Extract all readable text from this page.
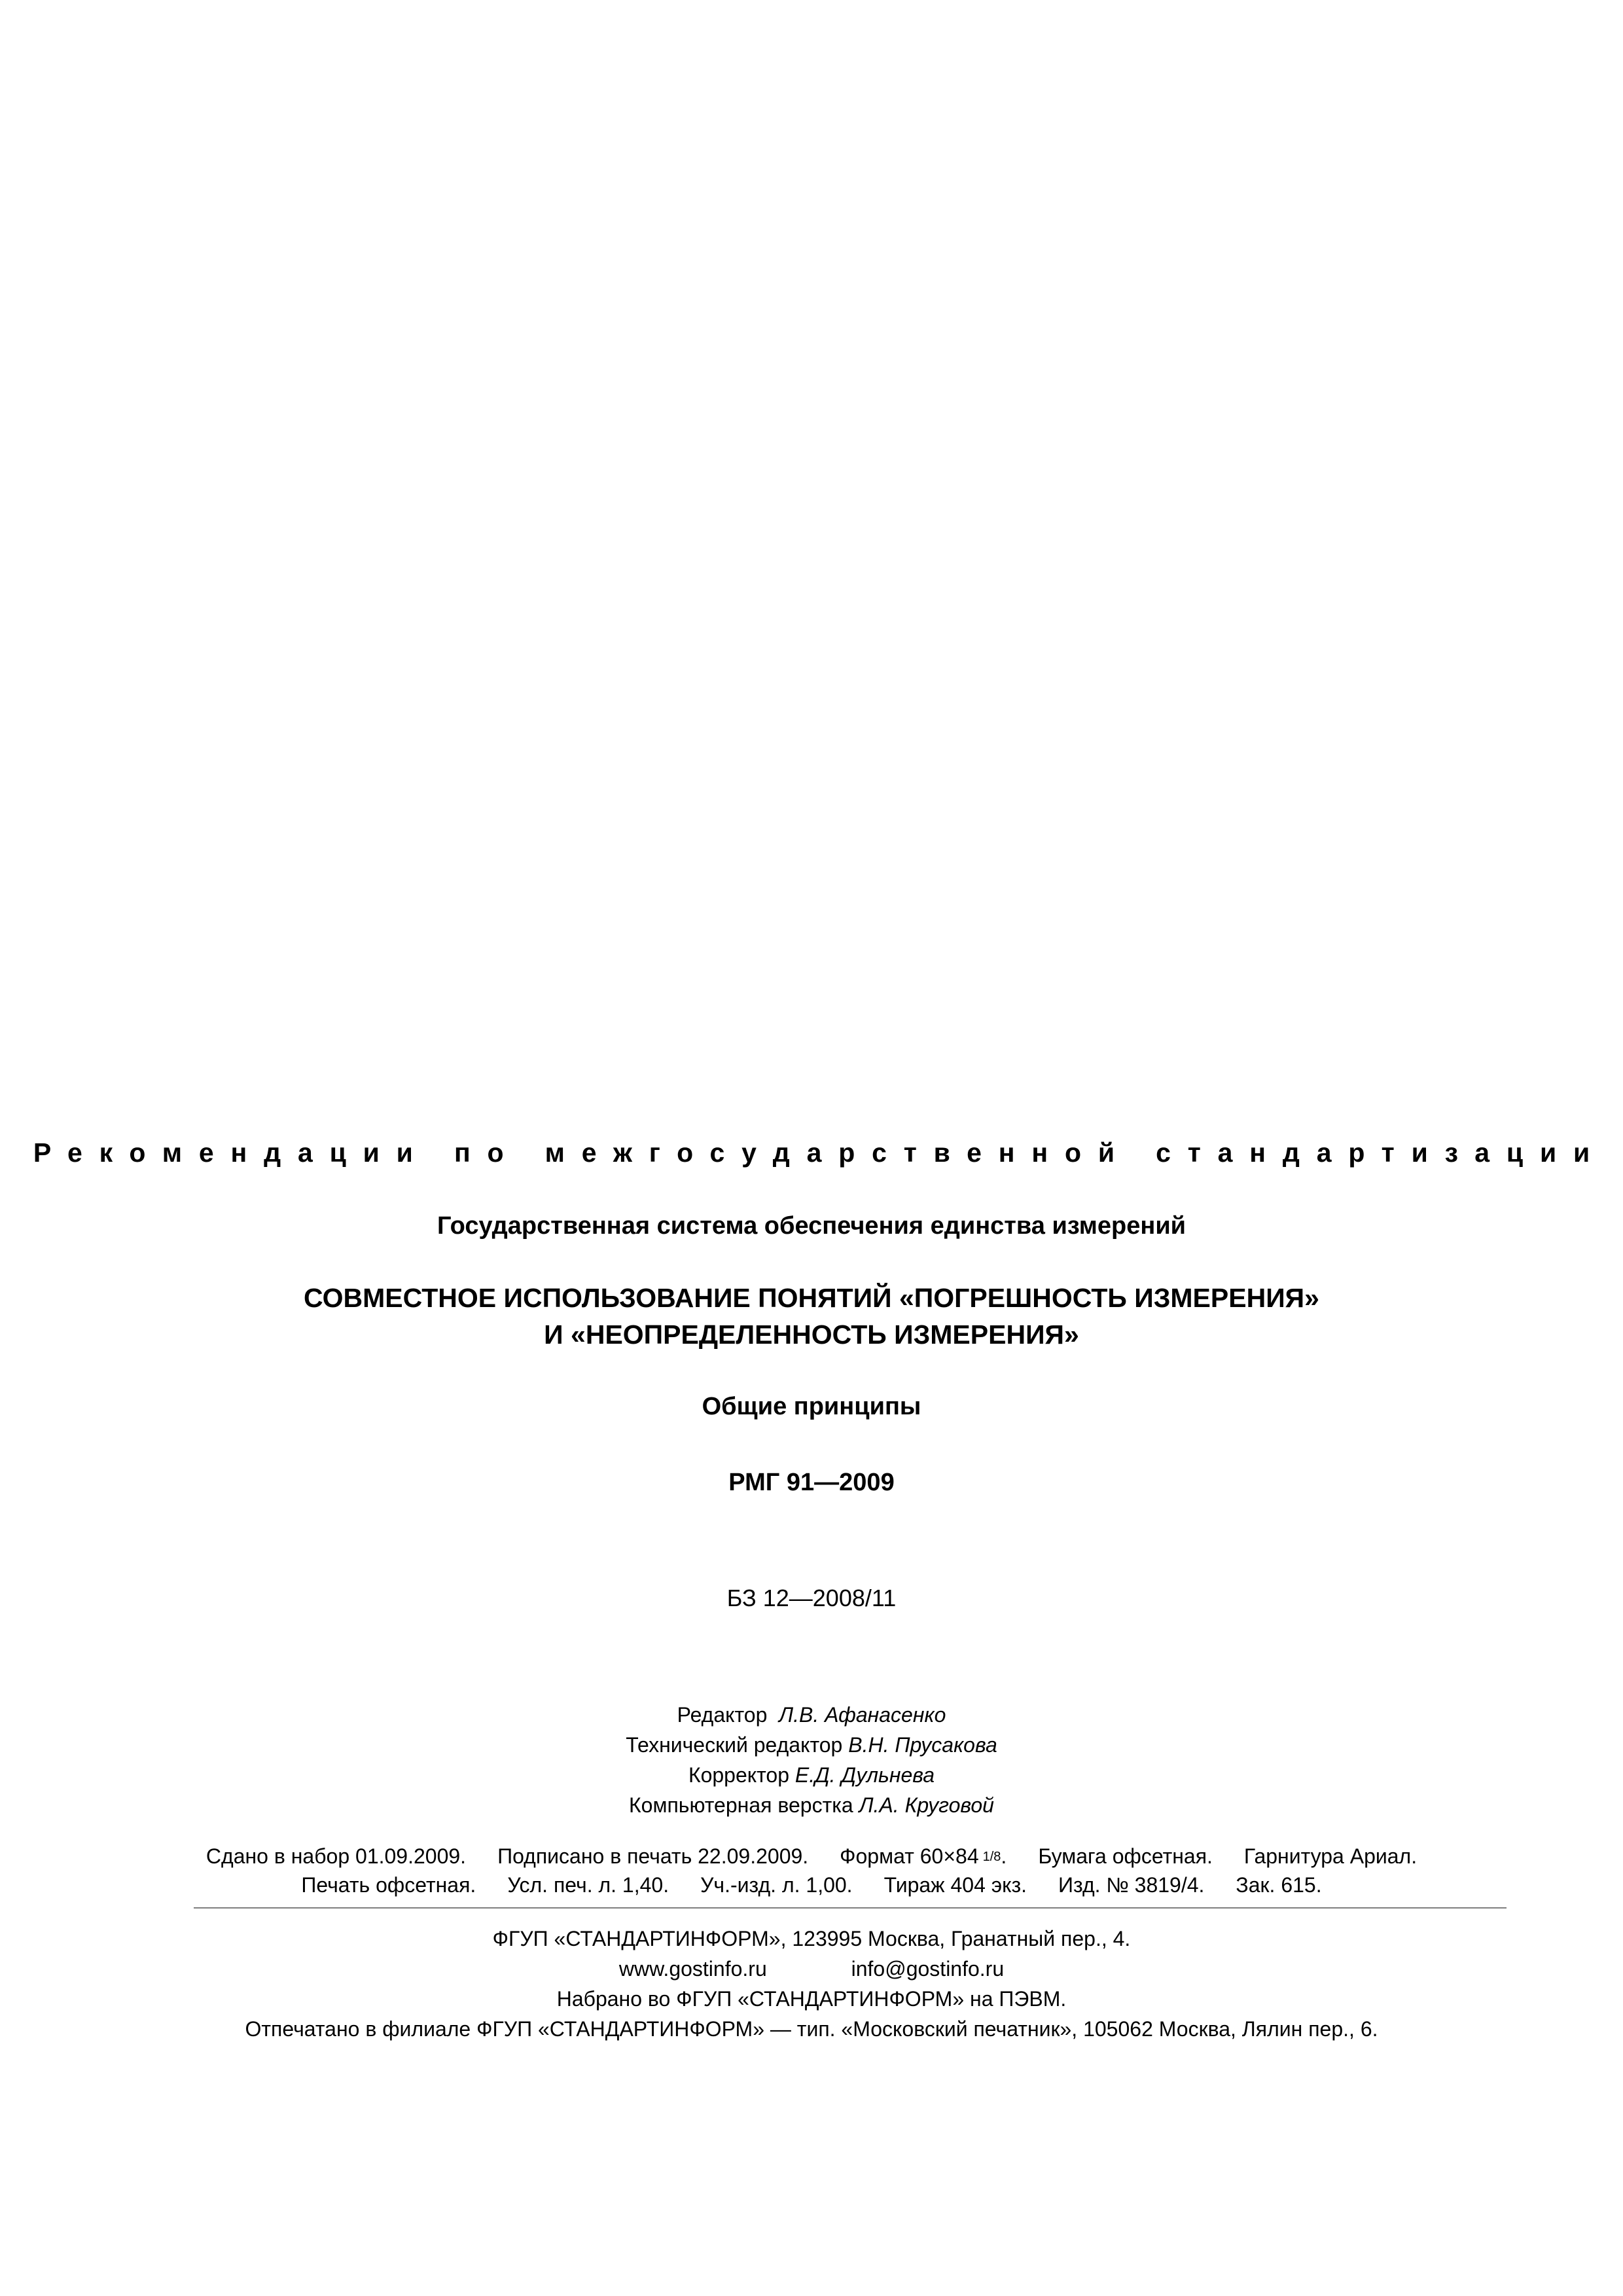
Рекомендации по межгосударственной стандартизации
Государственная система обеспечения единства измерений
СОВМЕСТНОЕ ИСПОЛЬЗОВАНИЕ ПОНЯТИЙ «ПОГРЕШНОСТЬ ИЗМЕРЕНИЯ»
И «НЕОПРЕДЕЛЕННОСТЬ ИЗМЕРЕНИЯ»
Общие принципы
РМГ 91—2009
БЗ 12—2008/11
Редактор Л.В. Афанасенко
Технический редактор В.Н. Прусакова
Корректор Е.Д. Дульнева
Компьютерная верстка Л.А. Круговой
Сдано в набор 01.09.2009. Подписано в печать 22.09.2009. Формат 60×84 1/8. Бумага офсетная. Гарнитура Ариал.
Печать офсетная. Усл. печ. л. 1,40. Уч.-изд. л. 1,00. Тираж 404 экз. Изд. № 3819/4. Зак. 615.
ФГУП «СТАНДАРТИНФОРМ», 123995 Москва, Гранатный пер., 4.
www.gostinfo.ru	info@gostinfo.ru
Набрано во ФГУП «СТАНДАРТИНФОРМ» на ПЭВМ.
Отпечатано в филиале ФГУП «СТАНДАРТИНФОРМ» — тип. «Московский печатник», 105062 Москва, Лялин пер., 6.
